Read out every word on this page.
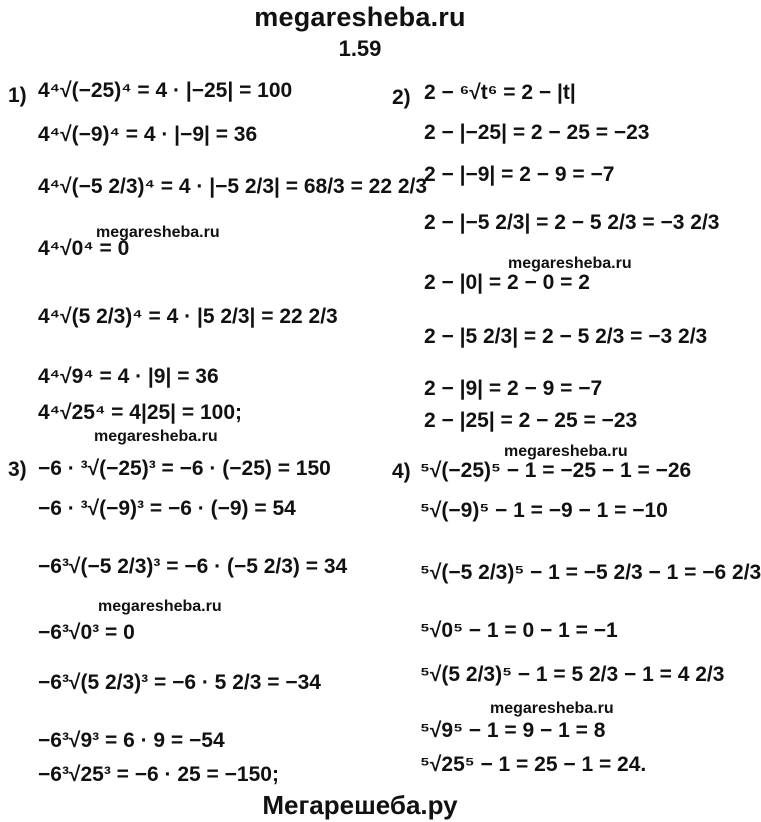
megaresheba.ru
1.59
1)	2)
3)	4)
4⁴√(−25)⁴ = 4 · |−25| = 100
4⁴√(−9)⁴ = 4 · |−9| = 36
4⁴√(−5 2/3)⁴ = 4 · |−5 2/3| = 68/3 = 22 2/3
4⁴√0⁴ = 0
4⁴√(5 2/3)⁴ = 4 · |5 2/3| = 22 2/3
4⁴√9⁴ = 4 · |9| = 36
4⁴√25⁴ = 4|25| = 100;
2 − ⁶√t⁶ = 2 − |t|
2 − |−25| = 2 − 25 = −23
2 − |−9| = 2 − 9 = −7
2 − |−5 2/3| = 2 − 5 2/3 = −3 2/3
2 − |0| = 2 − 0 = 2
2 − |5 2/3| = 2 − 5 2/3 = −3 2/3
2 − |9| = 2 − 9 = −7
2 − |25| = 2 − 25 = −23
−6 · ³√(−25)³ = −6 · (−25) = 150
−6 · ³√(−9)³ = −6 · (−9) = 54
−6³√(−5 2/3)³ = −6 · (−5 2/3) = 34
−6³√0³ = 0
−6³√(5 2/3)³ = −6 · 5 2/3 = −34
−6³√9³ = 6 · 9 = −54
−6³√25³ = −6 · 25 = −150;
⁵√(−25)⁵ − 1 = −25 − 1 = −26
⁵√(−9)⁵ − 1 = −9 − 1 = −10
⁵√(−5 2/3)⁵ − 1 = −5 2/3 − 1 = −6 2/3
⁵√0⁵ − 1 = 0 − 1 = −1
⁵√(5 2/3)⁵ − 1 = 5 2/3 − 1 = 4 2/3
⁵√9⁵ − 1 = 9 − 1 = 8
⁵√25⁵ − 1 = 25 − 1 = 24.
megaresheba.ru
megaresheba.ru
megaresheba.ru
megaresheba.ru
megaresheba.ru
megaresheba.ru
Мегарешеба.ру
